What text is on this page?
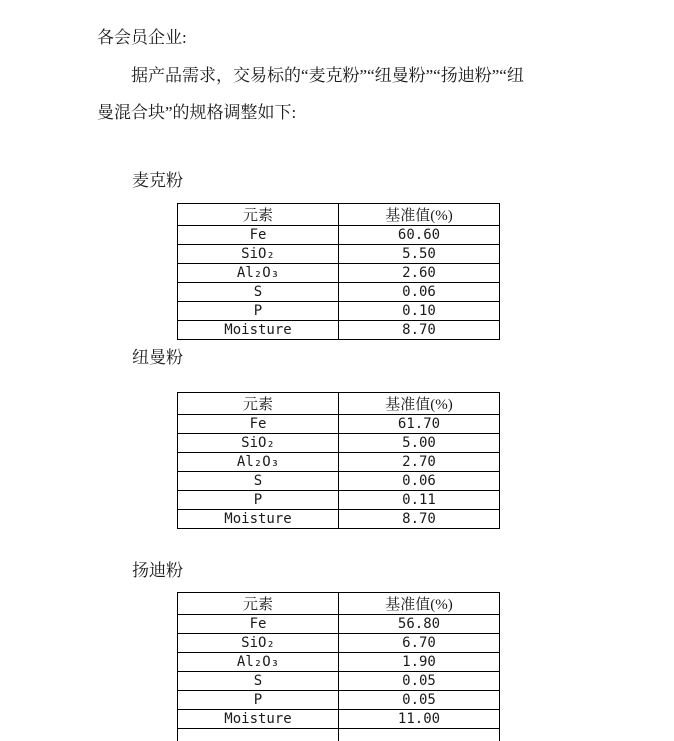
各会员企业:
据产品需求，交易标的“麦克粉”“纽曼粉”“扬迪粉”“纽
曼混合块”的规格调整如下:
麦克粉
元素	基准值(%)
Fe	60.60
SiO₂	5.50
Al₂O₃	2.60
S	0.06
P	0.10
Moisture	8.70
纽曼粉
元素	基准值(%)
Fe	61.70
SiO₂	5.00
Al₂O₃	2.70
S	0.06
P	0.11
Moisture	8.70
扬迪粉
元素	基准值(%)
Fe	56.80
SiO₂	6.70
Al₂O₃	1.90
S	0.05
P	0.05
Moisture	11.00
